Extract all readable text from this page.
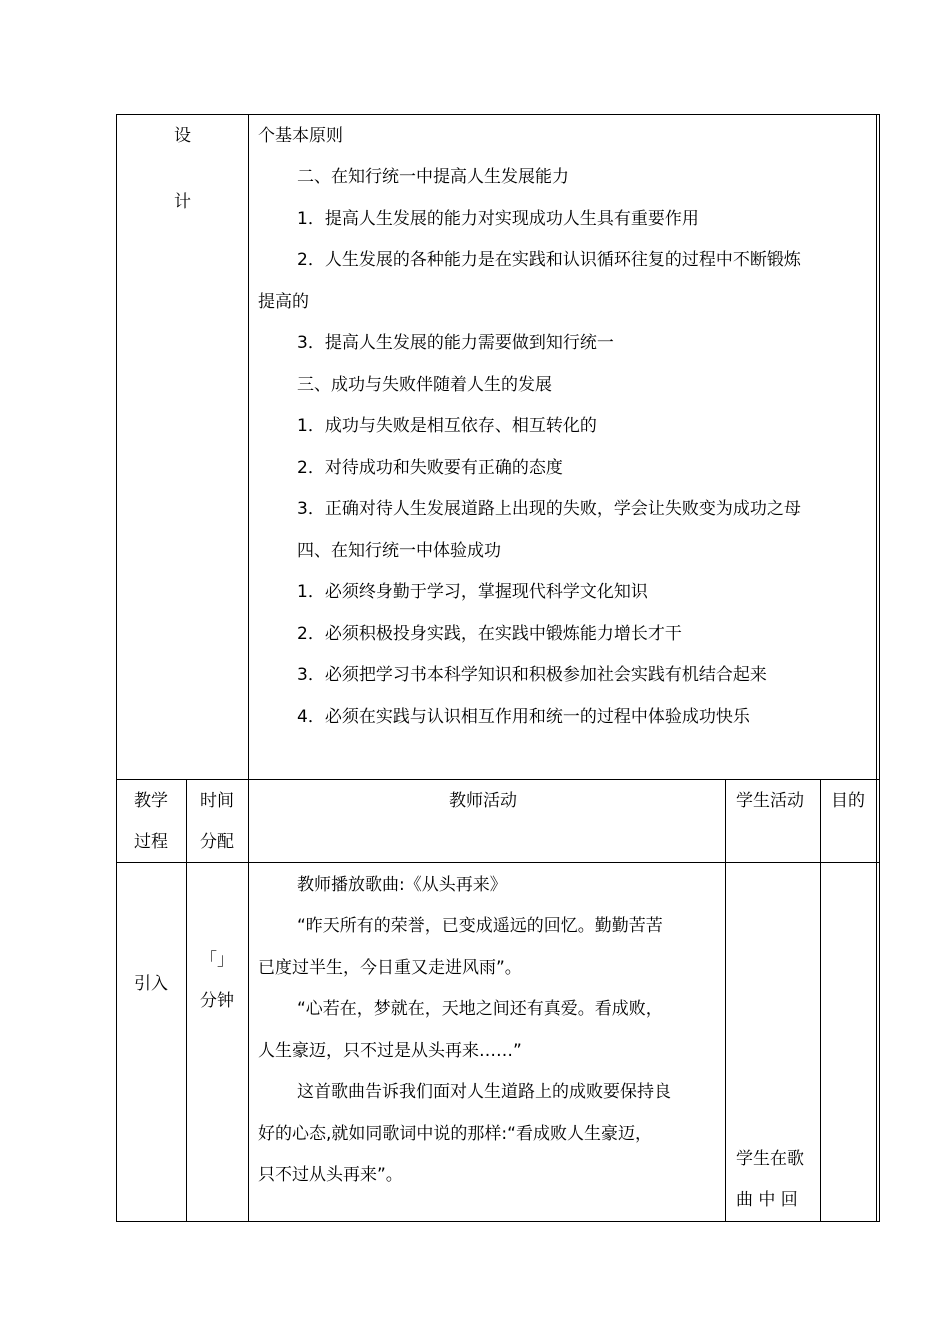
设
计
个基本原则
二、在知行统一中提高人生发展能力
1．提高人生发展的能力对实现成功人生具有重要作用
2．人生发展的各种能力是在实践和认识循环往复的过程中不断锻炼
提高的
3．提高人生发展的能力需要做到知行统一
三、成功与失败伴随着人生的发展
1．成功与失败是相互依存、相互转化的
2．对待成功和失败要有正确的态度
3．正确对待人生发展道路上出现的失败，学会让失败变为成功之母
四、在知行统一中体验成功
1．必须终身勤于学习，掌握现代科学文化知识
2．必须积极投身实践，在实践中锻炼能力增长才干
3．必须把学习书本科学知识和积极参加社会实践有机结合起来
4．必须在实践与认识相互作用和统一的过程中体验成功快乐
教学
过程
时间
分配
教师活动	学生活动 目的
引入
「」
分钟
教师播放歌曲:《从头再来》
“昨天所有的荣誉，已变成遥远的回忆。勤勤苦苦
已度过半生，今日重又走进风雨”。
“心若在，梦就在，天地之间还有真爱。看成败，
人生豪迈，只不过是从头再来……”
这首歌曲告诉我们面对人生道路上的成败要保持良
好的心态,就如同歌词中说的那样:“看成败人生豪迈，
只不过从头再来”。
学生在歌
曲 中 回
